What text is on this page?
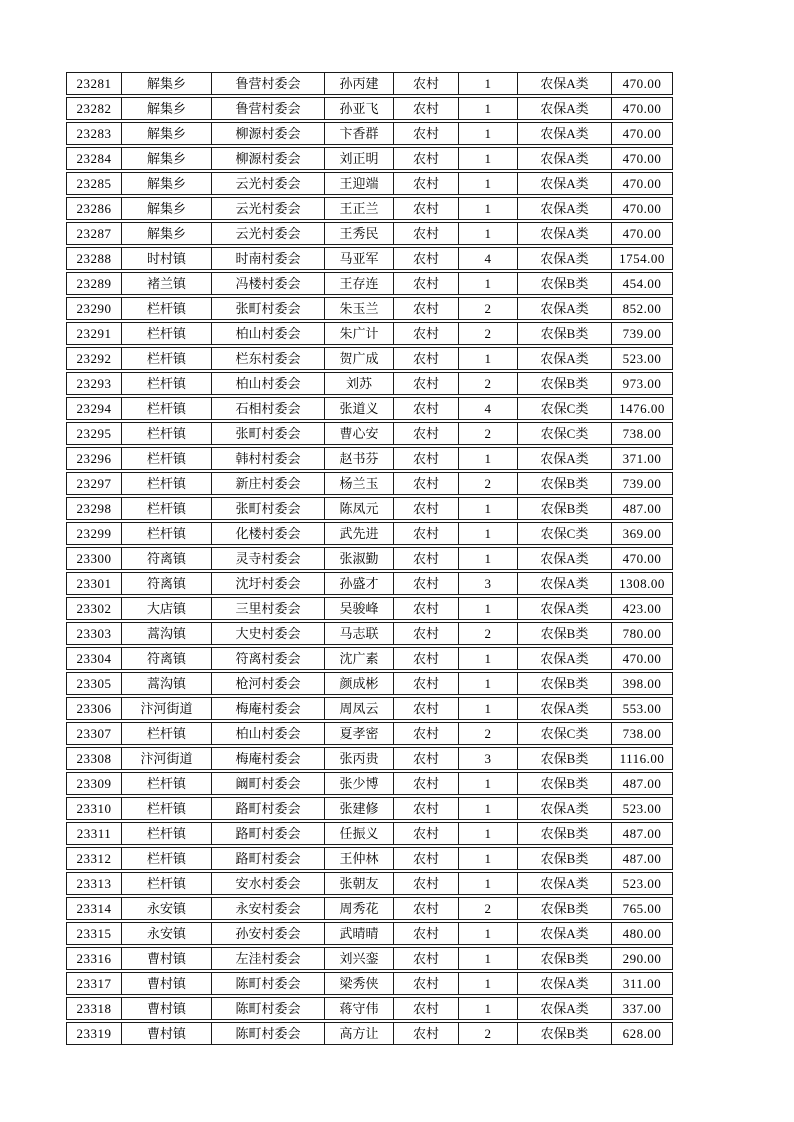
23281	解集乡	鲁营村委会	孙丙建	农村	1	农保A类	470.00
23282	解集乡	鲁营村委会	孙亚飞	农村	1	农保A类	470.00
23283	解集乡	柳源村委会	卞香群	农村	1	农保A类	470.00
23284	解集乡	柳源村委会	刘正明	农村	1	农保A类	470.00
23285	解集乡	云光村委会	王迎端	农村	1	农保A类	470.00
23286	解集乡	云光村委会	王正兰	农村	1	农保A类	470.00
23287	解集乡	云光村委会	王秀民	农村	1	农保A类	470.00
23288	时村镇	时南村委会	马亚军	农村	4	农保A类	1754.00
23289	褚兰镇	冯楼村委会	王存连	农村	1	农保B类	454.00
23290	栏杆镇	张町村委会	朱玉兰	农村	2	农保A类	852.00
23291	栏杆镇	柏山村委会	朱广计	农村	2	农保B类	739.00
23292	栏杆镇	栏东村委会	贺广成	农村	1	农保A类	523.00
23293	栏杆镇	柏山村委会	刘苏	农村	2	农保B类	973.00
23294	栏杆镇	石相村委会	张道义	农村	4	农保C类	1476.00
23295	栏杆镇	张町村委会	曹心安	农村	2	农保C类	738.00
23296	栏杆镇	韩村村委会	赵书芬	农村	1	农保A类	371.00
23297	栏杆镇	新庄村委会	杨兰玉	农村	2	农保B类	739.00
23298	栏杆镇	张町村委会	陈凤元	农村	1	农保B类	487.00
23299	栏杆镇	化楼村委会	武先进	农村	1	农保C类	369.00
23300	符离镇	灵寺村委会	张淑勤	农村	1	农保A类	470.00
23301	符离镇	沈圩村委会	孙盛才	农村	3	农保A类	1308.00
23302	大店镇	三里村委会	吴骏峰	农村	1	农保A类	423.00
23303	蒿沟镇	大史村委会	马志联	农村	2	农保B类	780.00
23304	符离镇	符离村委会	沈广素	农村	1	农保A类	470.00
23305	蒿沟镇	枪河村委会	颜成彬	农村	1	农保B类	398.00
23306	汴河街道	梅庵村委会	周凤云	农村	1	农保A类	553.00
23307	栏杆镇	柏山村委会	夏孝密	农村	2	农保C类	738.00
23308	汴河街道	梅庵村委会	张丙贵	农村	3	农保B类	1116.00
23309	栏杆镇	阚町村委会	张少博	农村	1	农保B类	487.00
23310	栏杆镇	路町村委会	张建修	农村	1	农保A类	523.00
23311	栏杆镇	路町村委会	任振义	农村	1	农保B类	487.00
23312	栏杆镇	路町村委会	王仲林	农村	1	农保B类	487.00
23313	栏杆镇	安水村委会	张朝友	农村	1	农保A类	523.00
23314	永安镇	永安村委会	周秀花	农村	2	农保B类	765.00
23315	永安镇	孙安村委会	武晴晴	农村	1	农保A类	480.00
23316	曹村镇	左洼村委会	刘兴銮	农村	1	农保B类	290.00
23317	曹村镇	陈町村委会	梁秀侠	农村	1	农保A类	311.00
23318	曹村镇	陈町村委会	蒋守伟	农村	1	农保A类	337.00
23319	曹村镇	陈町村委会	高方让	农村	2	农保B类	628.00
